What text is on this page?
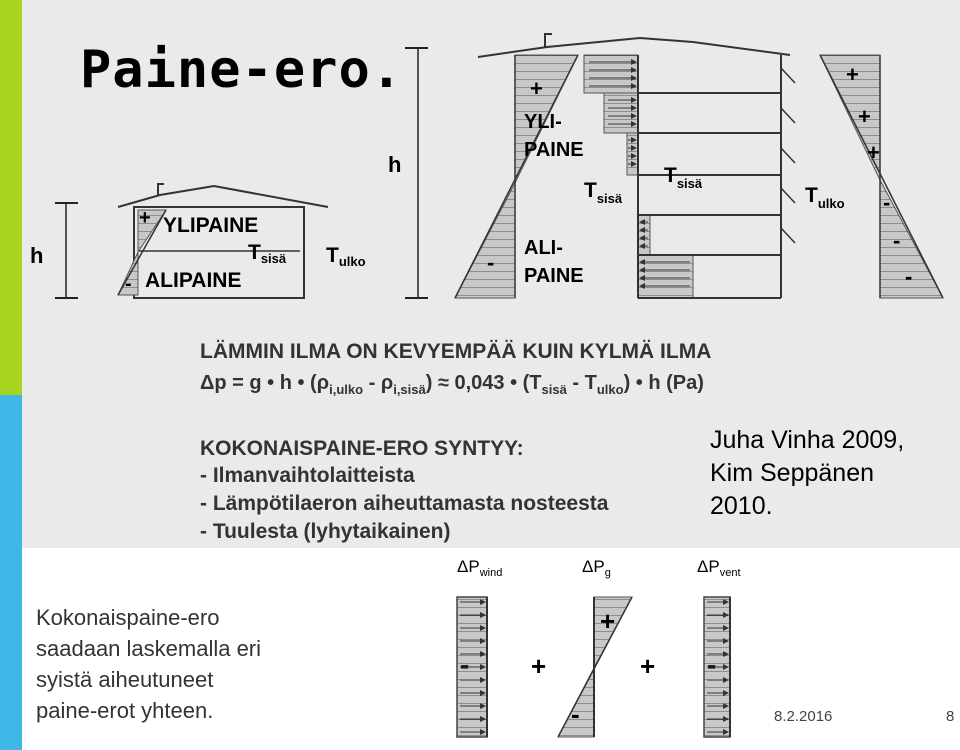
Paine-ero.
h
+
-
YLIPAINE
ALIPAINE
Tsisä Tulko
h
+
-
YLI-PAINE
ALI-PAINE
$T_{sisä}$
$T_{sisä}$
$T_{ulko}$
+
+
+
-
-
-
LÄMMIN ILMA ON KEVYEMPÄÄ KUIN KYLMÄ ILMA
Δp = g • h • $(\rho_{i,ulko} - \rho_{i,sisä}) \approx 0,043$ • $(T_{sisä} - T_{ulko})$ • h (Pa)
KOKONAISPAINE-ERO SYNTYY:
- Ilmanvaihtolaitteista
- Lämpötilaeron aiheuttamasta nosteesta
- Tuulesta (lyhytaikainen)
$\Delta P_{wind}$	$\Delta P_g$	$\Delta P_{vent}$
- +
+
-
+ -
Juha Vinha 2009,
Kim Seppänen
2010.
Kokonaispaine-ero
saadaan laskemalla eri
syistä aiheutuneet
paine-erot yhteen.	8.2.2016	8
